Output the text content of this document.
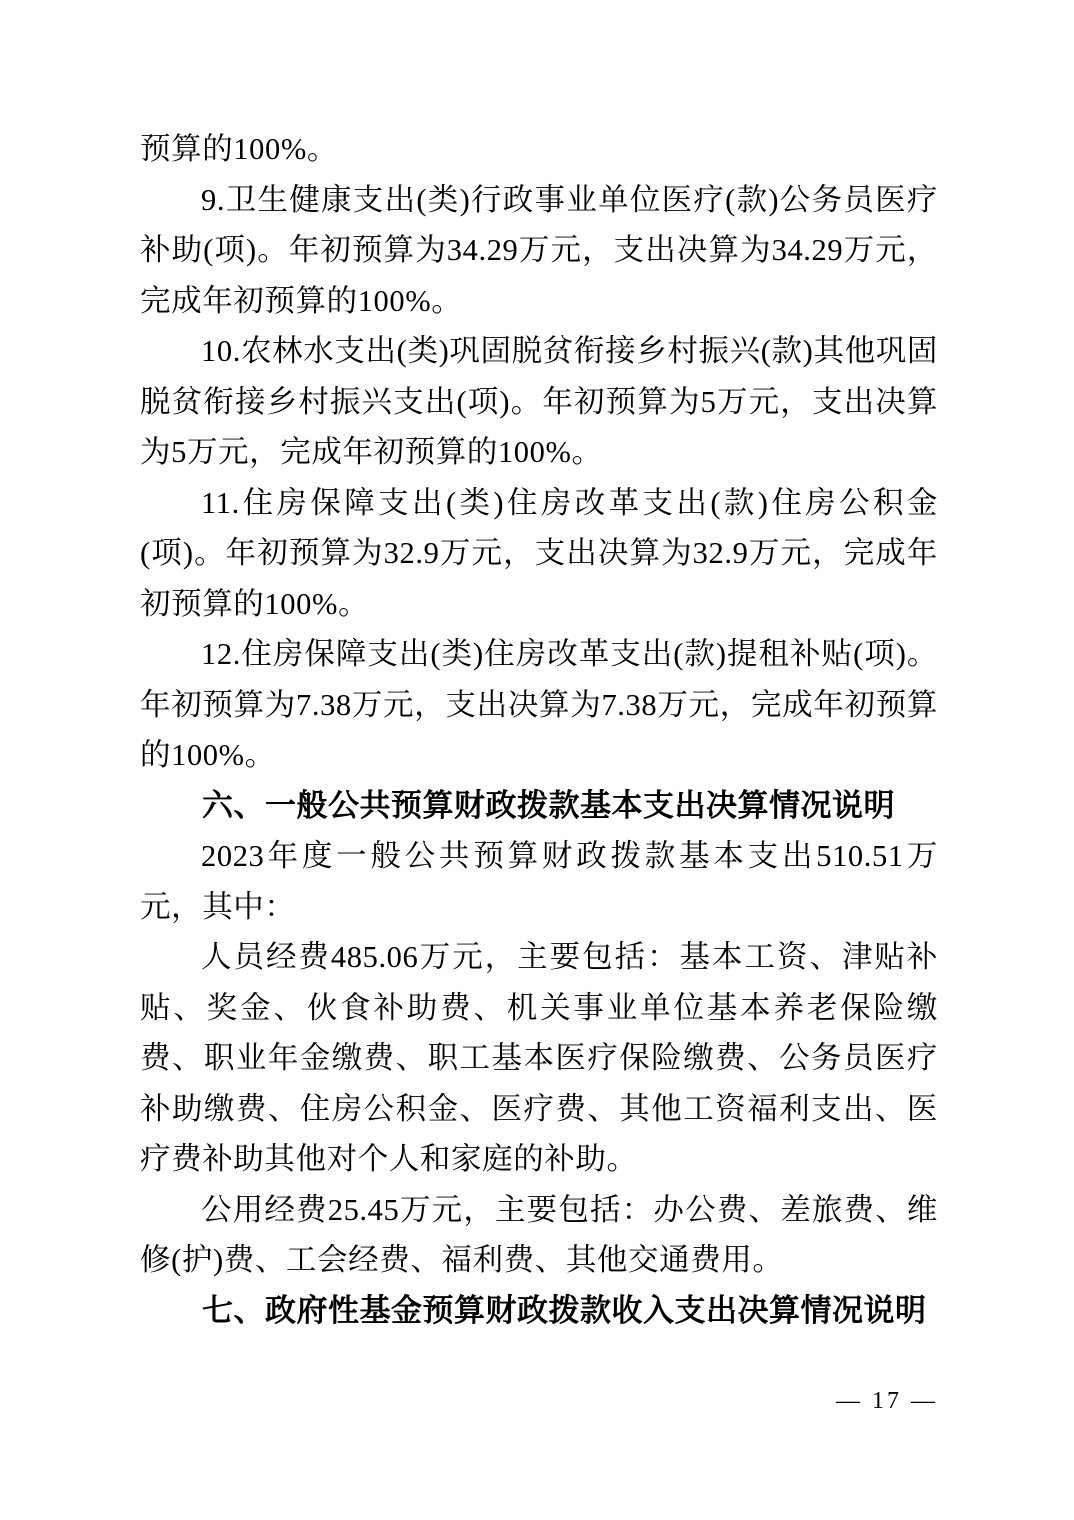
预算的100%。

9.卫生健康支出(类)行政事业单位医疗(款)公务员医疗补助(项)。年初预算为34.29万元，支出决算为34.29万元，完成年初预算的100%。

10.农林水支出(类)巩固脱贫衔接乡村振兴(款)其他巩固脱贫衔接乡村振兴支出(项)。年初预算为5万元，支出决算为5万元，完成年初预算的100%。

11.住房保障支出(类)住房改革支出(款)住房公积金(项)。年初预算为32.9万元，支出决算为32.9万元，完成年初预算的100%。

12.住房保障支出(类)住房改革支出(款)提租补贴(项)。年初预算为7.38万元，支出决算为7.38万元，完成年初预算的100%。

六、一般公共预算财政拨款基本支出决算情况说明

2023年度一般公共预算财政拨款基本支出510.51万元，其中：

人员经费485.06万元，主要包括：基本工资、津贴补贴、奖金、伙食补助费、机关事业单位基本养老保险缴费、职业年金缴费、职工基本医疗保险缴费、公务员医疗补助缴费、住房公积金、医疗费、其他工资福利支出、医疗费补助其他对个人和家庭的补助。

公用经费25.45万元，主要包括：办公费、差旅费、维修(护)费、工会经费、福利费、其他交通费用。

七、政府性基金预算财政拨款收入支出决算情况说明
— 17 —
